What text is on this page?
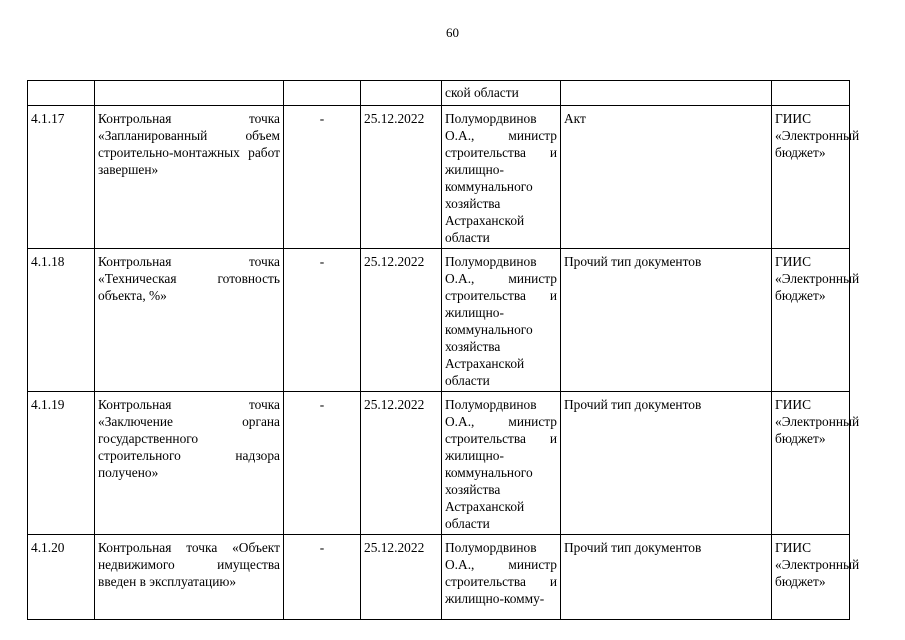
60
				ской области		
4.1.17	Контрольная точка «Запланированный объем строительно-монтажных работ завершен»	-	25.12.2022	Полумордвинов О.А., министр строительства и жилищно-коммунального хозяйства Астраханской области	Акт	ГИИС «Электронный бюджет»
4.1.18	Контрольная точка «Техническая готовность объекта, %»	-	25.12.2022	Полумордвинов О.А., министр строительства и жилищно-коммунального хозяйства Астраханской области	Прочий тип документов	ГИИС «Электронный бюджет»
4.1.19	Контрольная точка «Заключение органа государственного строительного надзора получено»	-	25.12.2022	Полумордвинов О.А., министр строительства и жилищно-коммунального хозяйства Астраханской области	Прочий тип документов	ГИИС «Электронный бюджет»
4.1.20	Контрольная точка «Объект недвижимого имущества введен в эксплуатацию»	-	25.12.2022	Полумордвинов О.А., министр строительства и жилищно-комму-	Прочий тип документов	ГИИС «Электронный бюджет»
